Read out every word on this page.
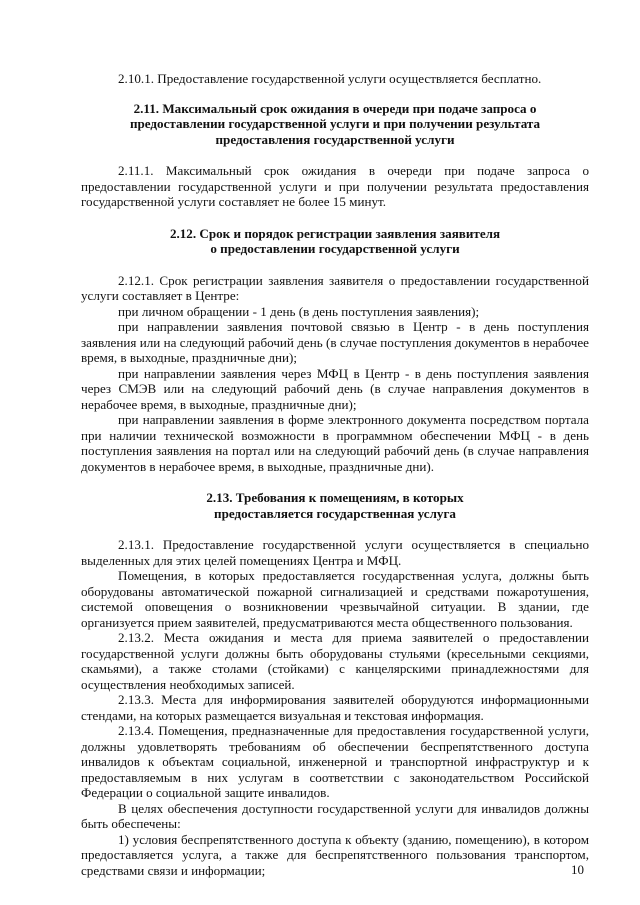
2.10.1. Предоставление государственной услуги осуществляется бесплатно.

2.11. Максимальный срок ожидания в очереди при подаче запроса о
предоставлении государственной услуги и при получении результата
предоставления государственной услуги

2.11.1. Максимальный срок ожидания в очереди при подаче запроса о предоставлении государственной услуги и при получении результата предоставления государственной услуги составляет не более 15 минут.

2.12. Срок и порядок регистрации заявления заявителя
о предоставлении государственной услуги

2.12.1. Срок регистрации заявления заявителя о предоставлении государственной услуги составляет в Центре:

при личном обращении - 1 день (в день поступления заявления);

при направлении заявления почтовой связью в Центр - в день поступления заявления или на следующий рабочий день (в случае поступления документов в нерабочее время, в выходные, праздничные дни);

при направлении заявления через МФЦ в Центр - в день поступления заявления через СМЭВ или на следующий рабочий день (в случае направления документов в нерабочее время, в выходные, праздничные дни);

при направлении заявления в форме электронного документа посредством портала при наличии технической возможности в программном обеспечении МФЦ - в день поступления заявления на портал или на следующий рабочий день (в случае направления документов в нерабочее время, в выходные, праздничные дни).

2.13. Требования к помещениям, в которых
предоставляется государственная услуга

2.13.1. Предоставление государственной услуги осуществляется в специально выделенных для этих целей помещениях Центра и МФЦ.

Помещения, в которых предоставляется государственная услуга, должны быть оборудованы автоматической пожарной сигнализацией и средствами пожаротушения, системой оповещения о возникновении чрезвычайной ситуации. В здании, где организуется прием заявителей, предусматриваются места общественного пользования.

2.13.2. Места ожидания и места для приема заявителей о предоставлении государственной услуги должны быть оборудованы стульями (кресельными секциями, скамьями), а также столами (стойками) с канцелярскими принадлежностями для осуществления необходимых записей.

2.13.3. Места для информирования заявителей оборудуются информационными стендами, на которых размещается визуальная и текстовая информация.

2.13.4. Помещения, предназначенные для предоставления государственной услуги, должны удовлетворять требованиям об обеспечении беспрепятственного доступа инвалидов к объектам социальной, инженерной и транспортной инфраструктур и к предоставляемым в них услугам в соответствии с законодательством Российской Федерации о социальной защите инвалидов.

В целях обеспечения доступности государственной услуги для инвалидов должны быть обеспечены:

1) условия беспрепятственного доступа к объекту (зданию, помещению), в котором предоставляется услуга, а также для беспрепятственного пользования транспортом, средствами связи и информации;	10
